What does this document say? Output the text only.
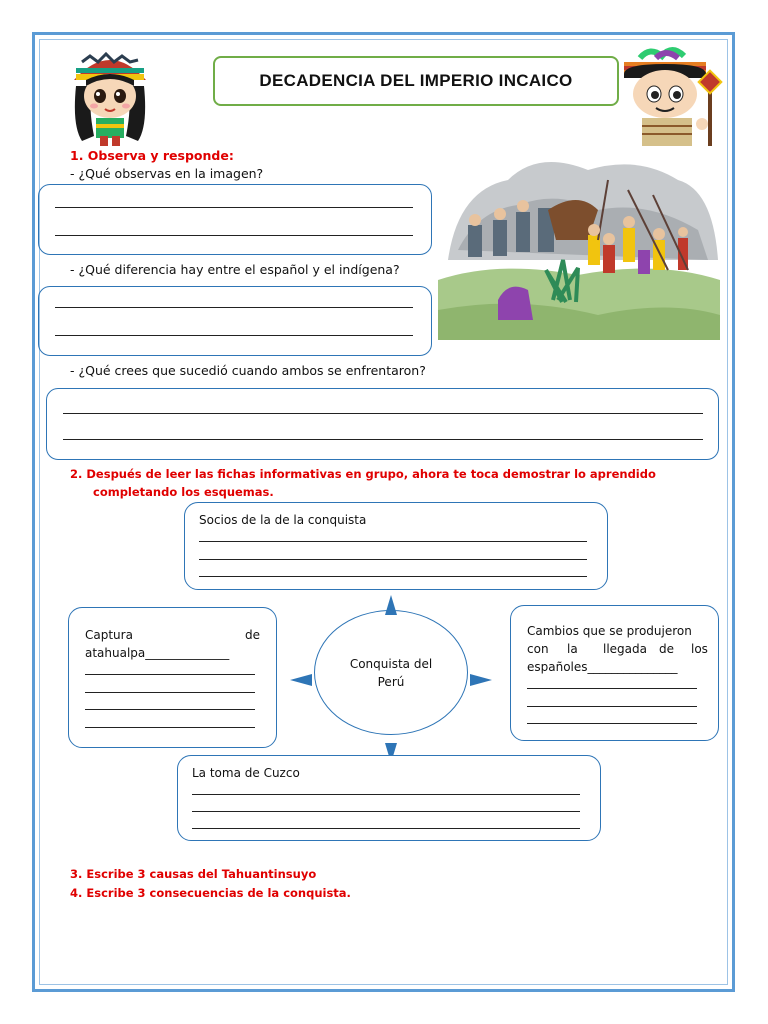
DECADENCIA DEL IMPERIO INCAICO
1. Observa y responde:
- ¿Qué observas en la imagen?
- ¿Qué diferencia hay entre el español y el indígena?
- ¿Qué crees que sucedió cuando ambos se enfrentaron?
2. Después de leer las fichas informativas en grupo, ahora te toca demostrar lo aprendido
completando los esquemas.
Conquista del
Perú
Socios de la de la conquista
Captura	de
atahualpa______________
Cambios que se produjeron
con la llegada de los
españoles_______________
La toma de Cuzco
3. Escribe 3 causas del Tahuantinsuyo
4. Escribe 3 consecuencias de la conquista.
